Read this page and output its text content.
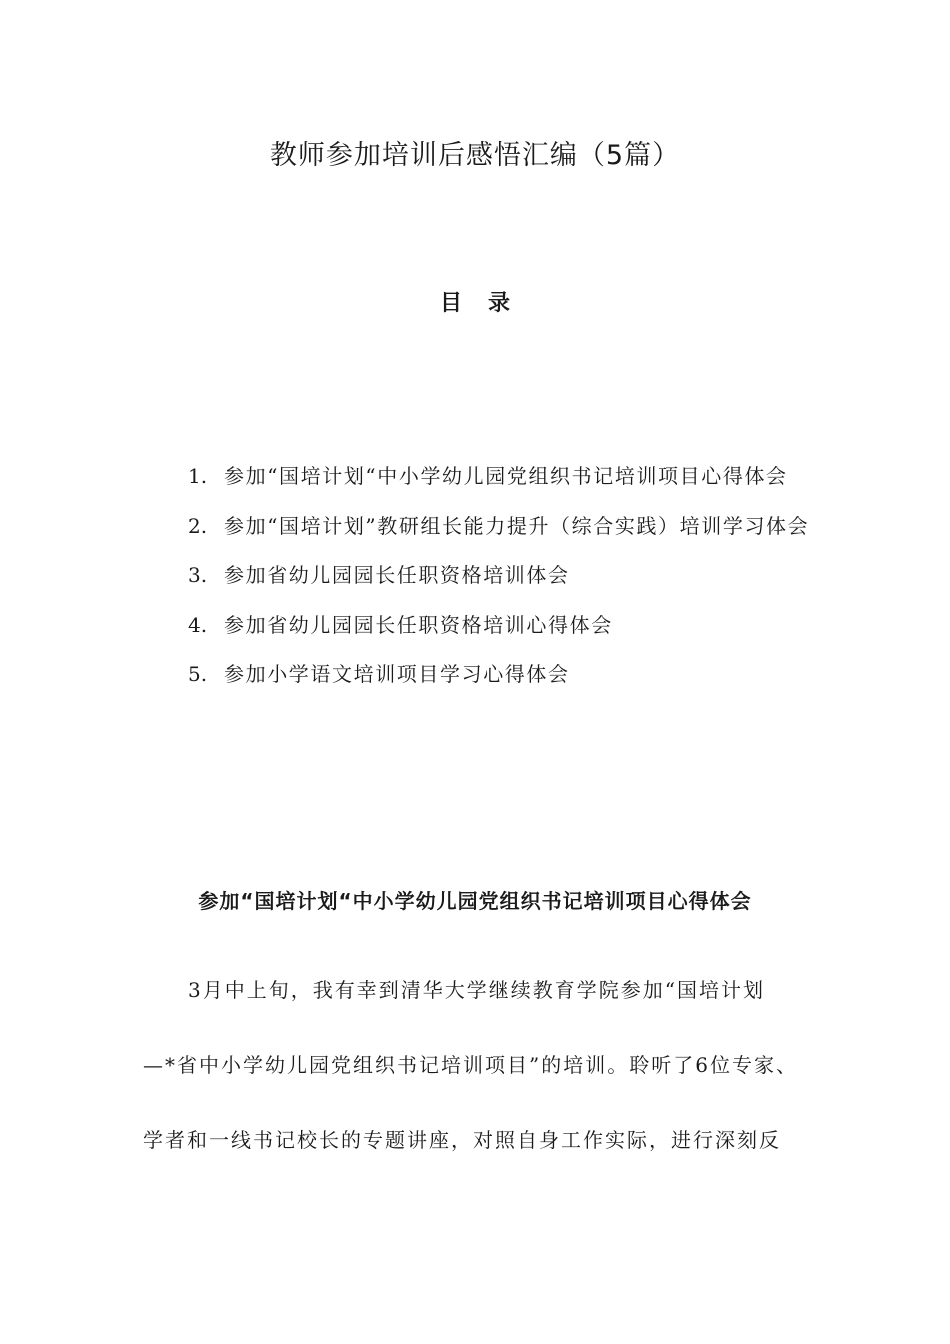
教师参加培训后感悟汇编（5篇）
目 录
1. 参加“国培计划“中小学幼儿园党组织书记培训项目心得体会
2. 参加“国培计划”教研组长能力提升（综合实践）培训学习体会
3. 参加省幼儿园园长任职资格培训体会
4. 参加省幼儿园园长任职资格培训心得体会
5. 参加小学语文培训项目学习心得体会
参加“国培计划“中小学幼儿园党组织书记培训项目心得体会
3月中上旬，我有幸到清华大学继续教育学院参加“国培计划
—*省中小学幼儿园党组织书记培训项目”的培训。聆听了6位专家、
学者和一线书记校长的专题讲座，对照自身工作实际，进行深刻反
